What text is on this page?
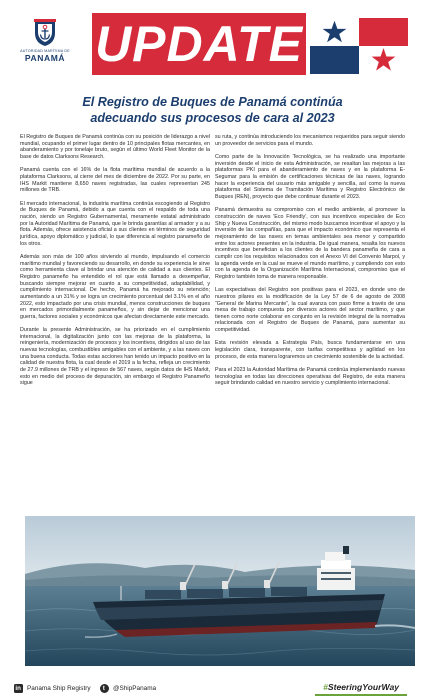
AUTORIDAD MARÍTIMA DE
PANAMÁ UPDATE
El Registro de Buques de Panamá continúa
adecuando sus procesos de cara al 2023

El Registro de Buques de Panamá continúa con su posición de liderazgo a nivel mundial, ocupando el primer lugar dentro de 10 principales flotas mercantes, en abanderamiento y por tonelaje bruto, según el último World Fleet Monitor de la base de datos Clarksons Research.

Panamá cuenta con el 16% de la flota marítima mundial de acuerdo a la plataforma Clarksons, al cierre del mes de diciembre de 2022. Por su parte, en IHS Markit mantiene 8,650 naves registradas, las cuales representan 245 millones de TRB.

El mercado internacional, la industria marítima continúa escogiendo al Registro de Buques de Panamá, debido a que cuenta con el respaldo de toda una nación, siendo un Registro Gubernamental, meramente estatal administrado por la Autoridad Marítima de Panamá, que le brinda garantías al armador y a su flota. Además, ofrece asistencia oficial a sus clientes en términos de seguridad jurídica, apoyo diplomático y judicial, lo que diferencia al registro panameño de los otros.

Además son más de 100 años sirviendo al mundo, impulsando el comercio marítimo mundial y favoreciendo su desarrollo, en donde su experiencia le sirve como herramienta clave al brindar una atención de calidad a sus clientes. El Registro panameño ha entendido el rol que está llamado a desempeñar, buscando siempre mejorar en cuanto a su competitividad, adaptabilidad, y cumplimiento internacional. De hecho, Panamá ha mejorado su retención; aumentando a un 31% y se logra un crecimiento porcentual del 3.1% en el año 2022, esto impactado por una crisis mundial, menos construcciones de buques en mercados primordialmente panameños, y sin dejar de mencionar una guerra, factores sociales y económicos que afectan directamente este mercado.

Durante la presente Administración, se ha priorizado en el cumplimiento internacional, la digitalización junto con las mejoras de la plataforma, la reingeniería, modernización de procesos y los incentivos, dirigidos al uso de las nuevas tecnologías, combustibles amigables con el ambiente, y a las naves con una buena conducta. Todas estas acciones han tenido un impacto positivo en la calidad de nuestra flota, la cual desde el 2019 a la fecha, refleja un crecimiento de 27.9 millones de TRB y el ingreso de 567 naves, según datos de IHS Markit, esto en medio del proceso de depuración, sin embargo el Registro Panameño sigue

su ruta, y continúa introduciendo los mecanismos requeridos para seguir siendo un proveedor de servicios para el mundo.

Como parte de la Innovación Tecnológica, se ha realizado una importante inversión desde el inicio de esta Administración, se resaltan las mejoras a las plataformas PKI para el abanderamiento de naves y en la plataforma E-Segumar para la emisión de certificaciones técnicas de las naves, logrando hacer la experiencia del usuario más amigable y sencilla, así como la nueva plataforma del Sistema de Tramitación Marítima y Registro Electrónico de Buques (REN), proyecto que debe continuar durante el 2023.

Panamá demuestra su compromiso con el medio ambiente, al promover la construcción de naves 'Eco Friendly', con sus incentivos especiales de Eco Ship y Nueva Construcción, del mismo modo buscamos incentivar el apoyo y la inversión de las compañías, para que el impacto económico que representa el mejoramiento de las naves en temas ambientales sea menor y compartido entre los actores presentes en la industria. De igual manera, resalta los nuevos incentivos que benefician a los clientes de la bandera panameña de cara a cumplir con los requisitos relacionados con el Anexo VI del Convenio Marpol, y la agenda verde en la cual se mueve el mundo marítimo, y cumpliendo con esto con la agenda de la Organización Marítima Internacional, compromiso que el Registro también toma de manera responsable.

Las expectativas del Registro son positivas para el 2023, en donde uno de nuestros pilares es la modificación de la Ley 57 de 6 de agosto de 2008 “General de Marina Mercante”, la cual avanza con paso firme a través de una mesa de trabajo compuesta por diversos actores del sector marítimo, y que tienen como norte colaborar en conjunto en la revisión integral de la normativa relacionada con el Registro de Buques de Panamá, para aumentar su competitividad.

Esta revisión elevada a Estrategia País, busca fundamentarse en una legislación clara, transparente, con tarifas competitivas y agilidad en los procesos, de esta manera lograremos un crecimiento sostenible de la actividad.

Para el 2023 la Autoridad Marítima de Panamá continúa implementando nuevas tecnologías en todas las direcciones operativas del Registro, de esta manera seguir brindando calidad en nuestro servicio y cumplimiento internacional.

in
Panama Ship Registry
t	@ShipPanama	#SteeringYourWay
